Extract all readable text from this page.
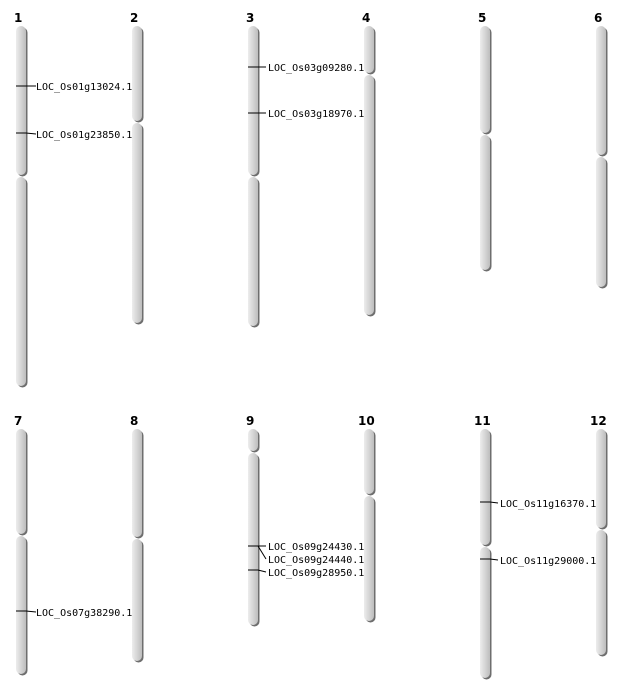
1
LOC_Os01g13024.1
LOC_Os01g23850.1
2	3
LOC_Os03g09280.1
LOC_Os03g18970.1
4	5	6
7
LOC_Os07g38290.1
8	9
LOC_Os09g24430.1
LOC_Os09g24440.1
LOC_Os09g28950.1
10	11
LOC_Os11g16370.1
LOC_Os11g29000.1
12
